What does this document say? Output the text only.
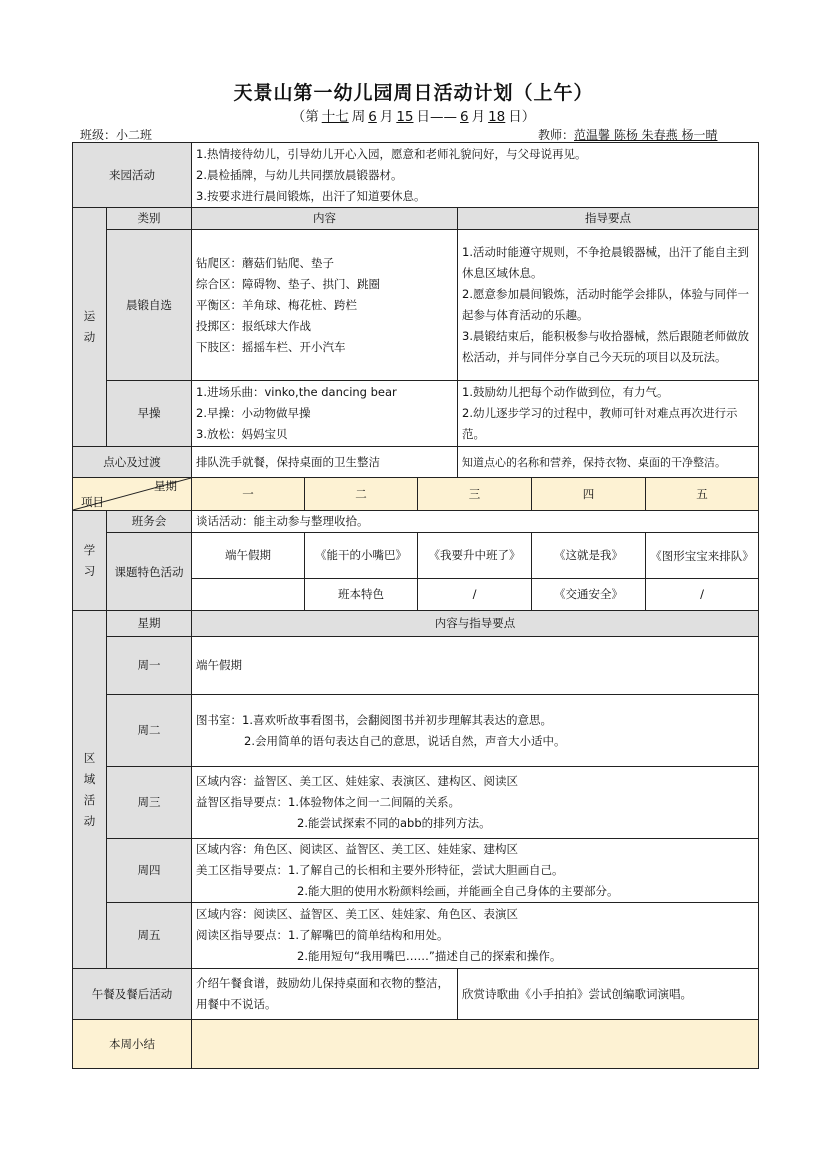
天景山第一幼儿园周日活动计划（上午）
（第 十七 周 6 月 15 日—— 6 月 18 日）
班级：小二班	教师：范温馨 陈杨 朱春燕 杨一晴
来园活动		1.热情接待幼儿，引导幼儿开心入园，愿意和老师礼貌问好，与父母说再见。
2.晨检插牌，与幼儿共同摆放晨锻器材。
3.按要求进行晨间锻炼，出汗了知道要休息。					

运
动	类别	内容			指导要点		
	晨锻自选	钻爬区：蘑菇们钻爬、垫子
综合区：障碍物、垫子、拱门、跳圈
平衡区：羊角球、梅花桩、跨栏
投掷区：报纸球大作战
下肢区：摇摇车栏、开小汽车			1.活动时能遵守规则，不争抢晨锻器械，出汗了能自主到休息区域休息。
2.愿意参加晨间锻炼，活动时能学会排队，体验与同伴一起参与体育活动的乐趣。
3.晨锻结束后，能积极参与收拾器械，然后跟随老师做放松活动，并与同伴分享自己今天玩的项目以及玩法。		

	早操	1.进场乐曲：vinko,the dancing bear
2.早操：小动物做早操
3.放松：妈妈宝贝			1.鼓励幼儿把每个动作做到位，有力气。
2.幼儿逐步学习的过程中，教师可针对难点再次进行示范。		

点心及过渡		排队洗手就餐，保持桌面的卫生整洁			知道点心的名称和营养，保持衣物、桌面的干净整洁。		

星期
项目		一	二	三		四	五

学
习	班务会	谈话活动：能主动参与整理收拾。					
	课题特色活动	端午假期	《能干的小嘴巴》	《我要升中班了》		《这就是我》	《图形宝宝来排队》
			班本特色	/		《交通安全》	/

区
域
活
动	星期	内容与指导要点					
	周一	端午假期					

	周二	图书室：1.喜欢听故事看图书，会翻阅图书并初步理解其表达的意思。
2.会用简单的语句表达自己的意思，说话自然，声音大小适中。					

	周三	区域内容：益智区、美工区、娃娃家、表演区、建构区、阅读区
益智区指导要点：1.体验物体之间一二间隔的关系。
2.能尝试探索不同的abb的排列方法。					

	周四	区域内容：角色区、阅读区、益智区、美工区、娃娃家、建构区
美工区指导要点：1.了解自己的长相和主要外形特征，尝试大胆画自己。
2.能大胆的使用水粉颜料绘画，并能画全自己身体的主要部分。					

	周五	区域内容：阅读区、益智区、美工区、娃娃家、角色区、表演区
阅读区指导要点：1.了解嘴巴的简单结构和用处。
2.能用短句“我用嘴巴……”描述自己的探索和操作。					

午餐及餐后活动		介绍午餐食谱，鼓励幼儿保持桌面和衣物的整洁，用餐中不说话。			欣赏诗歌曲《小手拍拍》尝试创编歌词演唱。		
本周小结							
